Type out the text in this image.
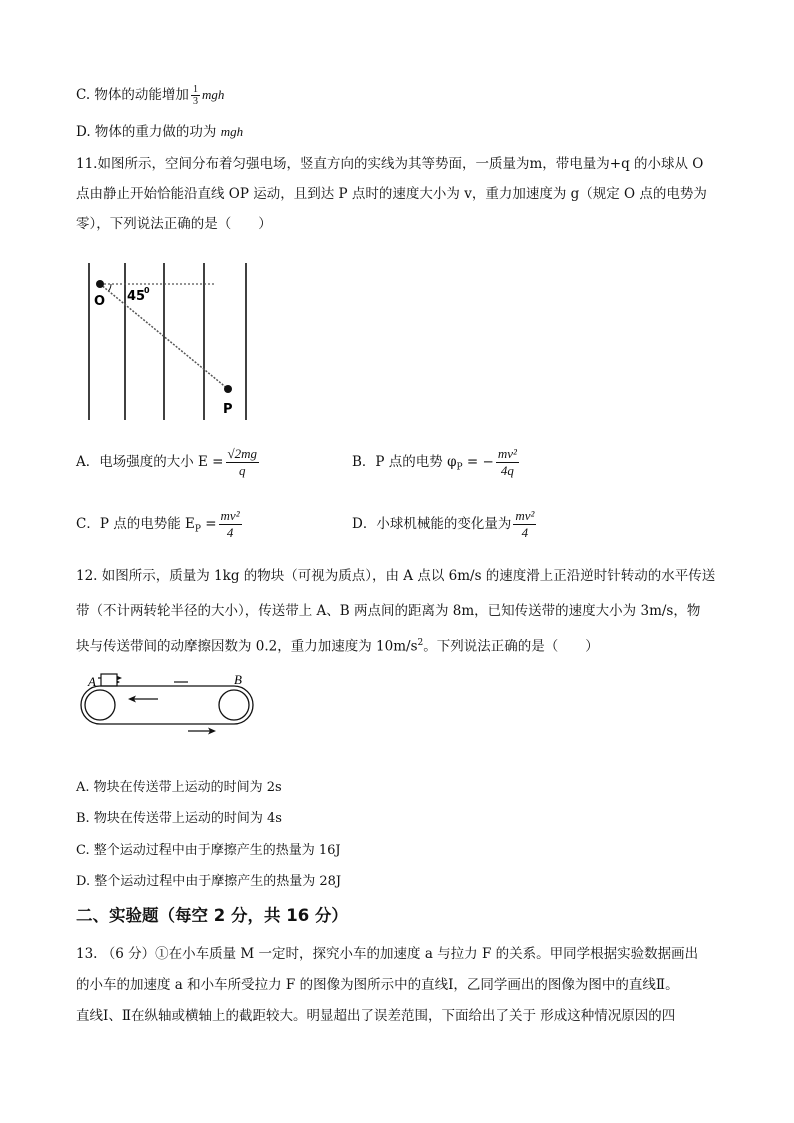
C. 物体的动能增加 $\frac{1}{3}$ mgh
D. 物体的重力做的功为 mgh
11.如图所示，空间分布着匀强电场，竖直方向的实线为其等势面，一质量为m，带电量为+q 的小球从 O
点由静止开始恰能沿直线 OP 运动，且到达 P 点时的速度大小为 v，重力加速度为 g（规定 O 点的电势为
零），下列说法正确的是（　　）
O 45
0
P
A．电场强度的大小 $E = \frac{√2mg}{q}$	B．P 点的电势 $\varphi_P$ = − $\frac{\text{mv²}}{4q}$
C．P 点的电势能 $E_P = \frac{\text{mv²}}{4}$	D．小球机械能的变化量为 $\frac{\text{mv²}}{4}$
12. 如图所示，质量为 1kg 的物块（可视为质点），由 A 点以 6m/s 的速度滑上正沿逆时针转动的水平传送
带（不计两转轮半径的大小），传送带上 A、B 两点间的距离为 8m，已知传送带的速度大小为 3m/s，物
块与传送带间的动摩擦因数为 0.2，重力加速度为 $10m/s^2$。下列说法正确的是（　　）
A	B
A. 物块在传送带上运动的时间为 2s
B. 物块在传送带上运动的时间为 4s
C. 整个运动过程中由于摩擦产生的热量为 16J
D. 整个运动过程中由于摩擦产生的热量为 28J
二、实验题（每空 2 分，共 16 分）
13. （6 分）①在小车质量 M 一定时，探究小车的加速度 a 与拉力 F 的关系。甲同学根据实验数据画出
的小车的加速度 a 和小车所受拉力 F 的图像为图所示中的直线Ⅰ，乙同学画出的图像为图中的直线Ⅱ。
直线Ⅰ、Ⅱ在纵轴或横轴上的截距较大。明显超出了误差范围，下面给出了关于 形成这种情况原因的四
